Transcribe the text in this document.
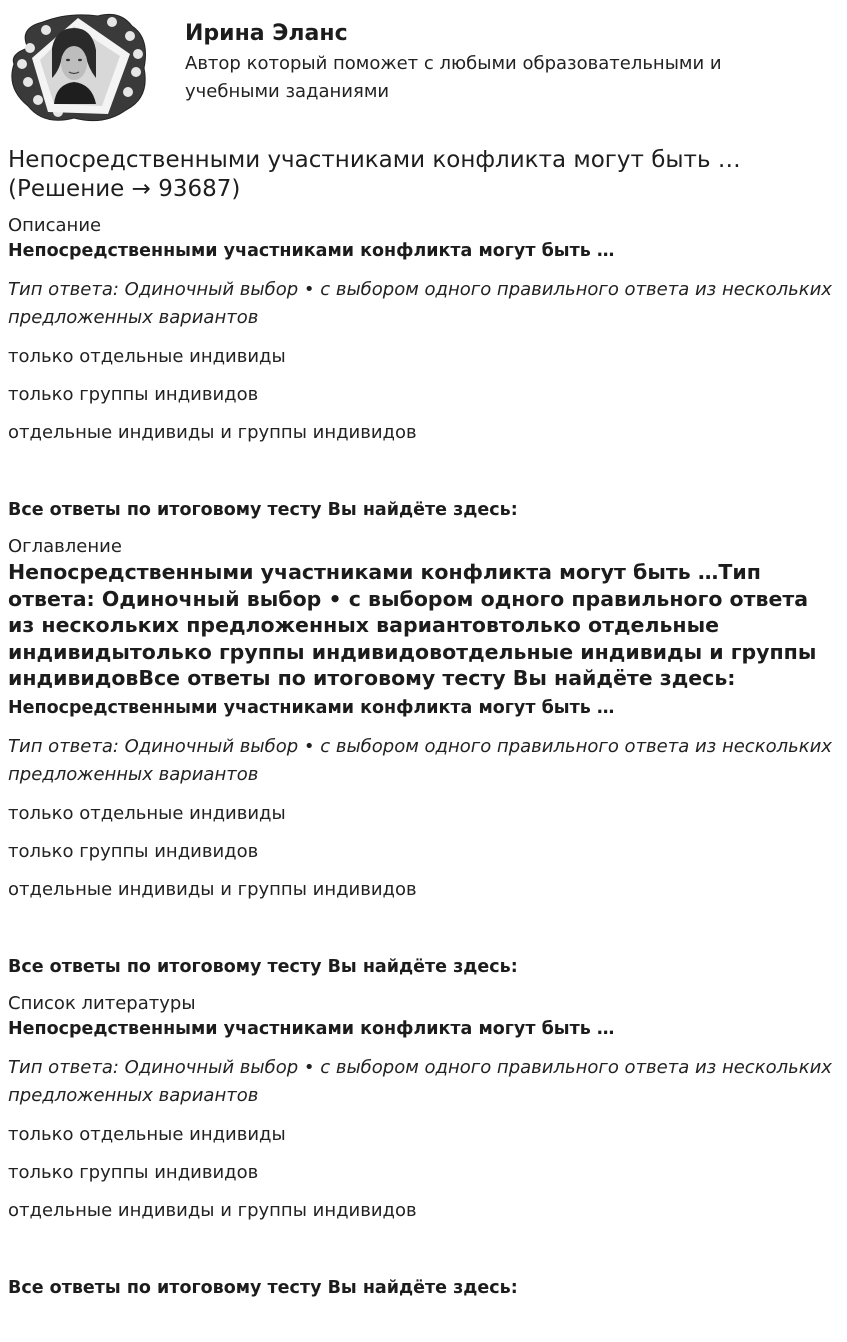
Ирина Эланс

Автор который поможет с любыми образовательными и учебными заданиями

Непосредственными участниками конфликта могут быть … (Решение → 93687)

Описание

Непосредственными участниками конфликта могут быть …

Тип ответа: Одиночный выбор • с выбором одного правильного ответа из нескольких предложенных вариантов

только отдельные индивиды

только группы индивидов

отдельные индивиды и группы индивидов

Все ответы по итоговому тесту Вы найдёте здесь:

Оглавление

Непосредственными участниками конфликта могут быть …Тип ответа: Одиночный выбор • с выбором одного правильного ответа из нескольких предложенных вариантовтолько отдельные индивидытолько группы индивидовотдельные индивиды и группы индивидовВсе ответы по итоговому тесту Вы найдёте здесь:

Непосредственными участниками конфликта могут быть …

Тип ответа: Одиночный выбор • с выбором одного правильного ответа из нескольких предложенных вариантов

только отдельные индивиды

только группы индивидов

отдельные индивиды и группы индивидов

Все ответы по итоговому тесту Вы найдёте здесь:

Список литературы

Непосредственными участниками конфликта могут быть …

Тип ответа: Одиночный выбор • с выбором одного правильного ответа из нескольких предложенных вариантов

только отдельные индивиды

только группы индивидов

отдельные индивиды и группы индивидов

Все ответы по итоговому тесту Вы найдёте здесь:
